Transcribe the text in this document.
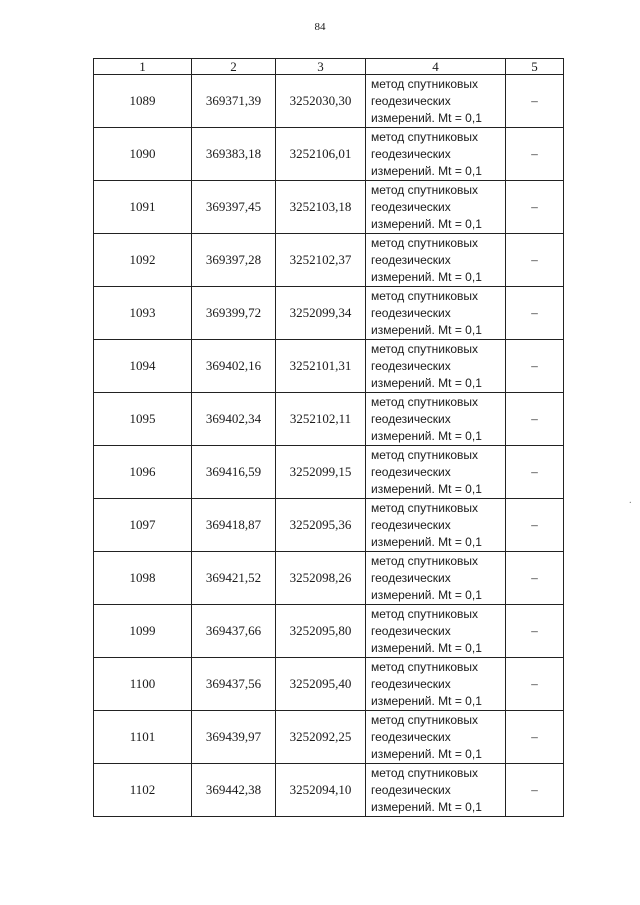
84
1	2	3	4	5
1089	369371,39	3252030,30	метод спутниковых
геодезических
измерений. Mt = 0,1	–
1090	369383,18	3252106,01	метод спутниковых
геодезических
измерений. Mt = 0,1	–
1091	369397,45	3252103,18	метод спутниковых
геодезических
измерений. Mt = 0,1	–
1092	369397,28	3252102,37	метод спутниковых
геодезических
измерений. Mt = 0,1	–
1093	369399,72	3252099,34	метод спутниковых
геодезических
измерений. Mt = 0,1	–
1094	369402,16	3252101,31	метод спутниковых
геодезических
измерений. Mt = 0,1	–
1095	369402,34	3252102,11	метод спутниковых
геодезических
измерений. Mt = 0,1	–
1096	369416,59	3252099,15	метод спутниковых
геодезических
измерений. Mt = 0,1	–
1097	369418,87	3252095,36	метод спутниковых
геодезических
измерений. Mt = 0,1	–
1098	369421,52	3252098,26	метод спутниковых
геодезических
измерений. Mt = 0,1	–
1099	369437,66	3252095,80	метод спутниковых
геодезических
измерений. Mt = 0,1	–
1100	369437,56	3252095,40	метод спутниковых
геодезических
измерений. Mt = 0,1	–
1101	369439,97	3252092,25	метод спутниковых
геодезических
измерений. Mt = 0,1	–
1102	369442,38	3252094,10	метод спутниковых
геодезических
измерений. Mt = 0,1	–
·
